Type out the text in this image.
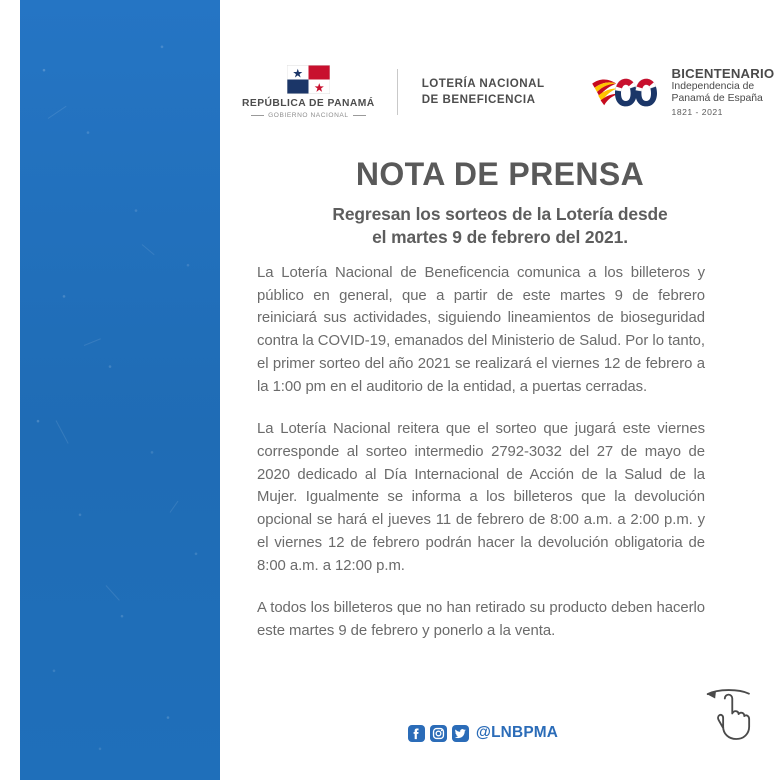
REPÚBLICA DE PANAMÁ
GOBIERNO NACIONAL
LOTERÍA NACIONAL
DE BENEFICENCIA
BICENTENARIO
Independencia de
Panamá de España
1821 - 2021
NOTA DE PRENSA
Regresan los sorteos de la Lotería desde
el martes 9 de febrero del 2021.

La Lotería Nacional de Beneficencia comunica a los billeteros y público en general, que a partir de este martes 9 de febrero reiniciará sus actividades, siguiendo lineamientos de bioseguridad contra la COVID-19, emanados del Ministerio de Salud. Por lo tanto, el primer sorteo del año 2021 se realizará el viernes 12 de febrero a la 1:00 pm en el auditorio de la entidad, a puertas cerradas.

La Lotería Nacional reitera que el sorteo que jugará este viernes corresponde al sorteo intermedio 2792-3032 del 27 de mayo de 2020 dedicado al Día Internacional de Acción de la Salud de la Mujer. Igualmente se informa a los billeteros que la devolución opcional se hará el jueves 11 de febrero de 8:00 a.m. a 2:00 p.m. y el viernes 12 de febrero podrán hacer la devolución obligatoria de 8:00 a.m. a 12:00 p.m.

A todos los billeteros que no han retirado su producto deben hacerlo este martes 9 de febrero y ponerlo a la venta.

@LNBPMA
